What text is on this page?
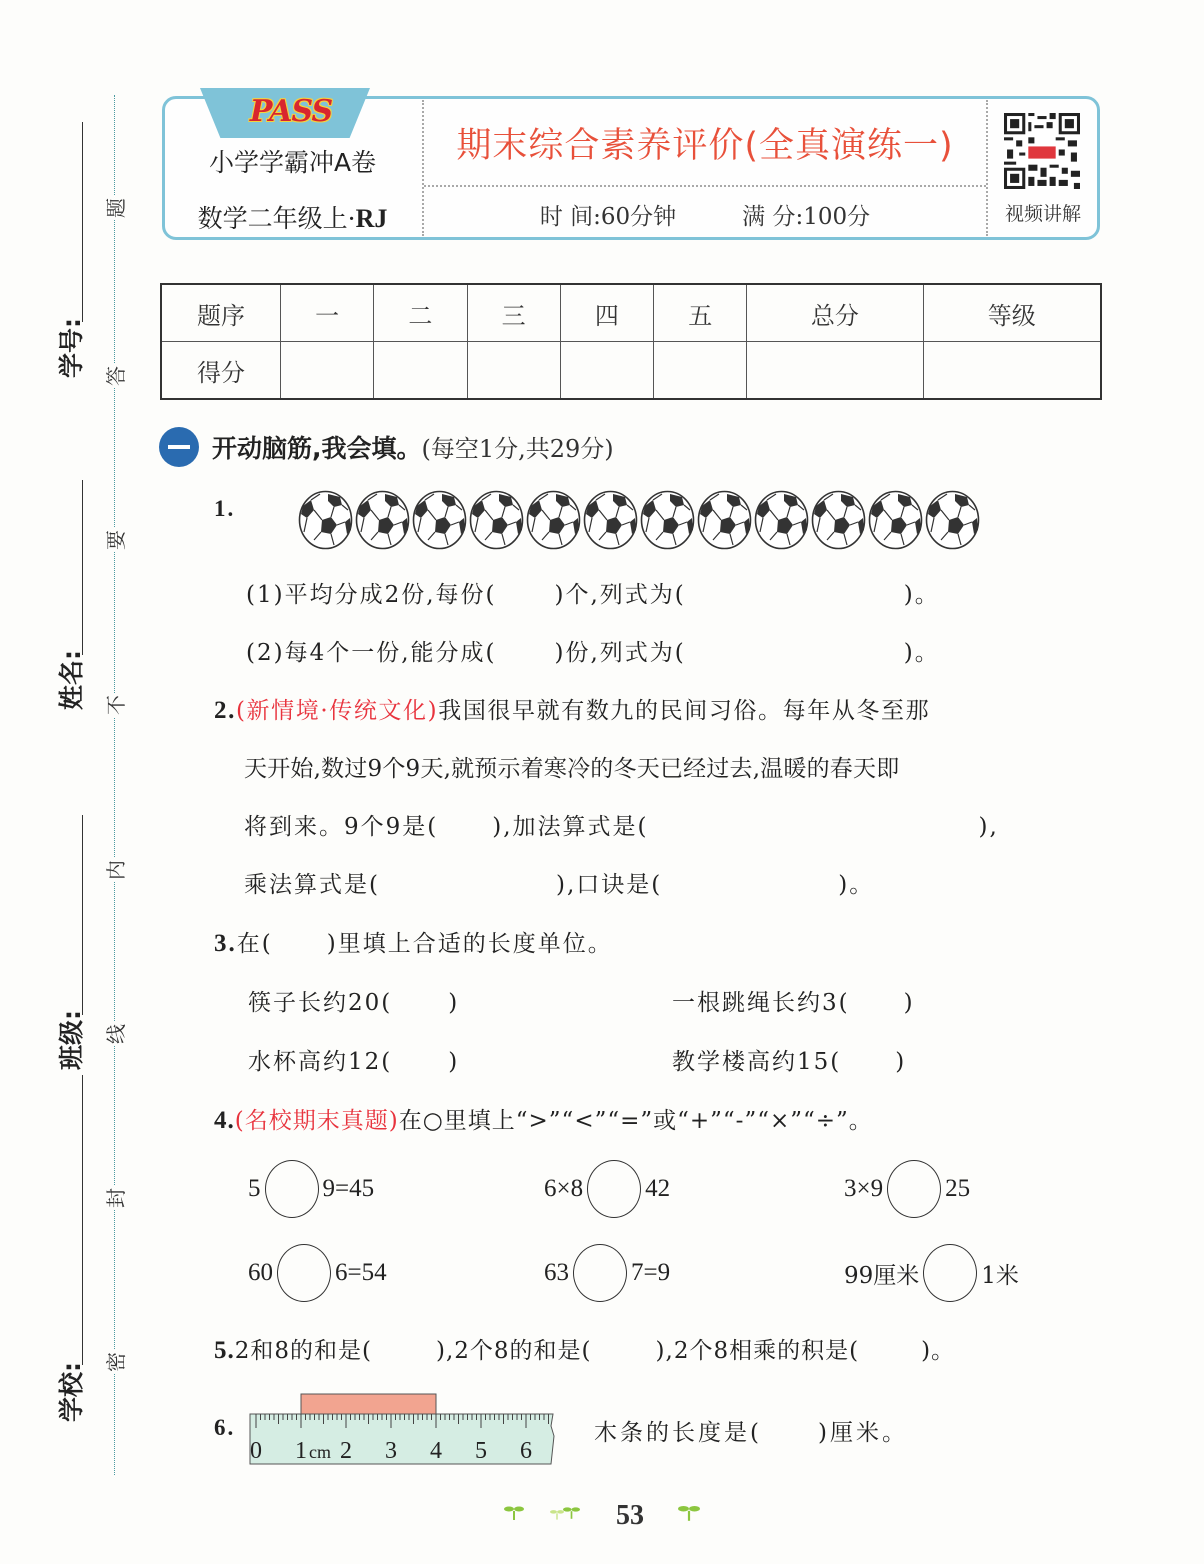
学号:
姓名:
班级:
学校:
题
答
要
不
内
线
封
密
PASS
小学学霸冲A卷
数学二年级上·RJ
期末综合素养评价(全真演练一)
时 间:60分钟	满 分:100分	视频讲解
题序	一	二	三	四	五	总分	等级
得分							
开动脑筋,我会填。(每空1分,共29分)
1.
(1)平均分成2份,每份(	)个,列式为(	)。
(2)每4个一份,能分成(	)份,列式为(	)。
2.(新情境·传统文化)我国很早就有数九的民间习俗。每年从冬至那
天开始,数过9个9天,就预示着寒冷的冬天已经过去,温暖的春天即
将到来。9个9是( ),加法算式是(	),
乘法算式是(	),口诀是(	)。
3.在( )里填上合适的长度单位。
筷子长约20( )	一根跳绳长约3( )
水杯高约12( )	教学楼高约15( )
4.(名校期末真题)在○里填上“>”“<”“=”或“+”“-”“×”“÷”。
5 9=45	6×8 42	3×9 25
60 6=54	63 7=9	99厘米	1米
5.2和8的和是(	),2个8的和是(	),2个8相乘的积是(	)。
6.
0 1 cm 2 3 4 5 6
木条的长度是( )厘米。
53
